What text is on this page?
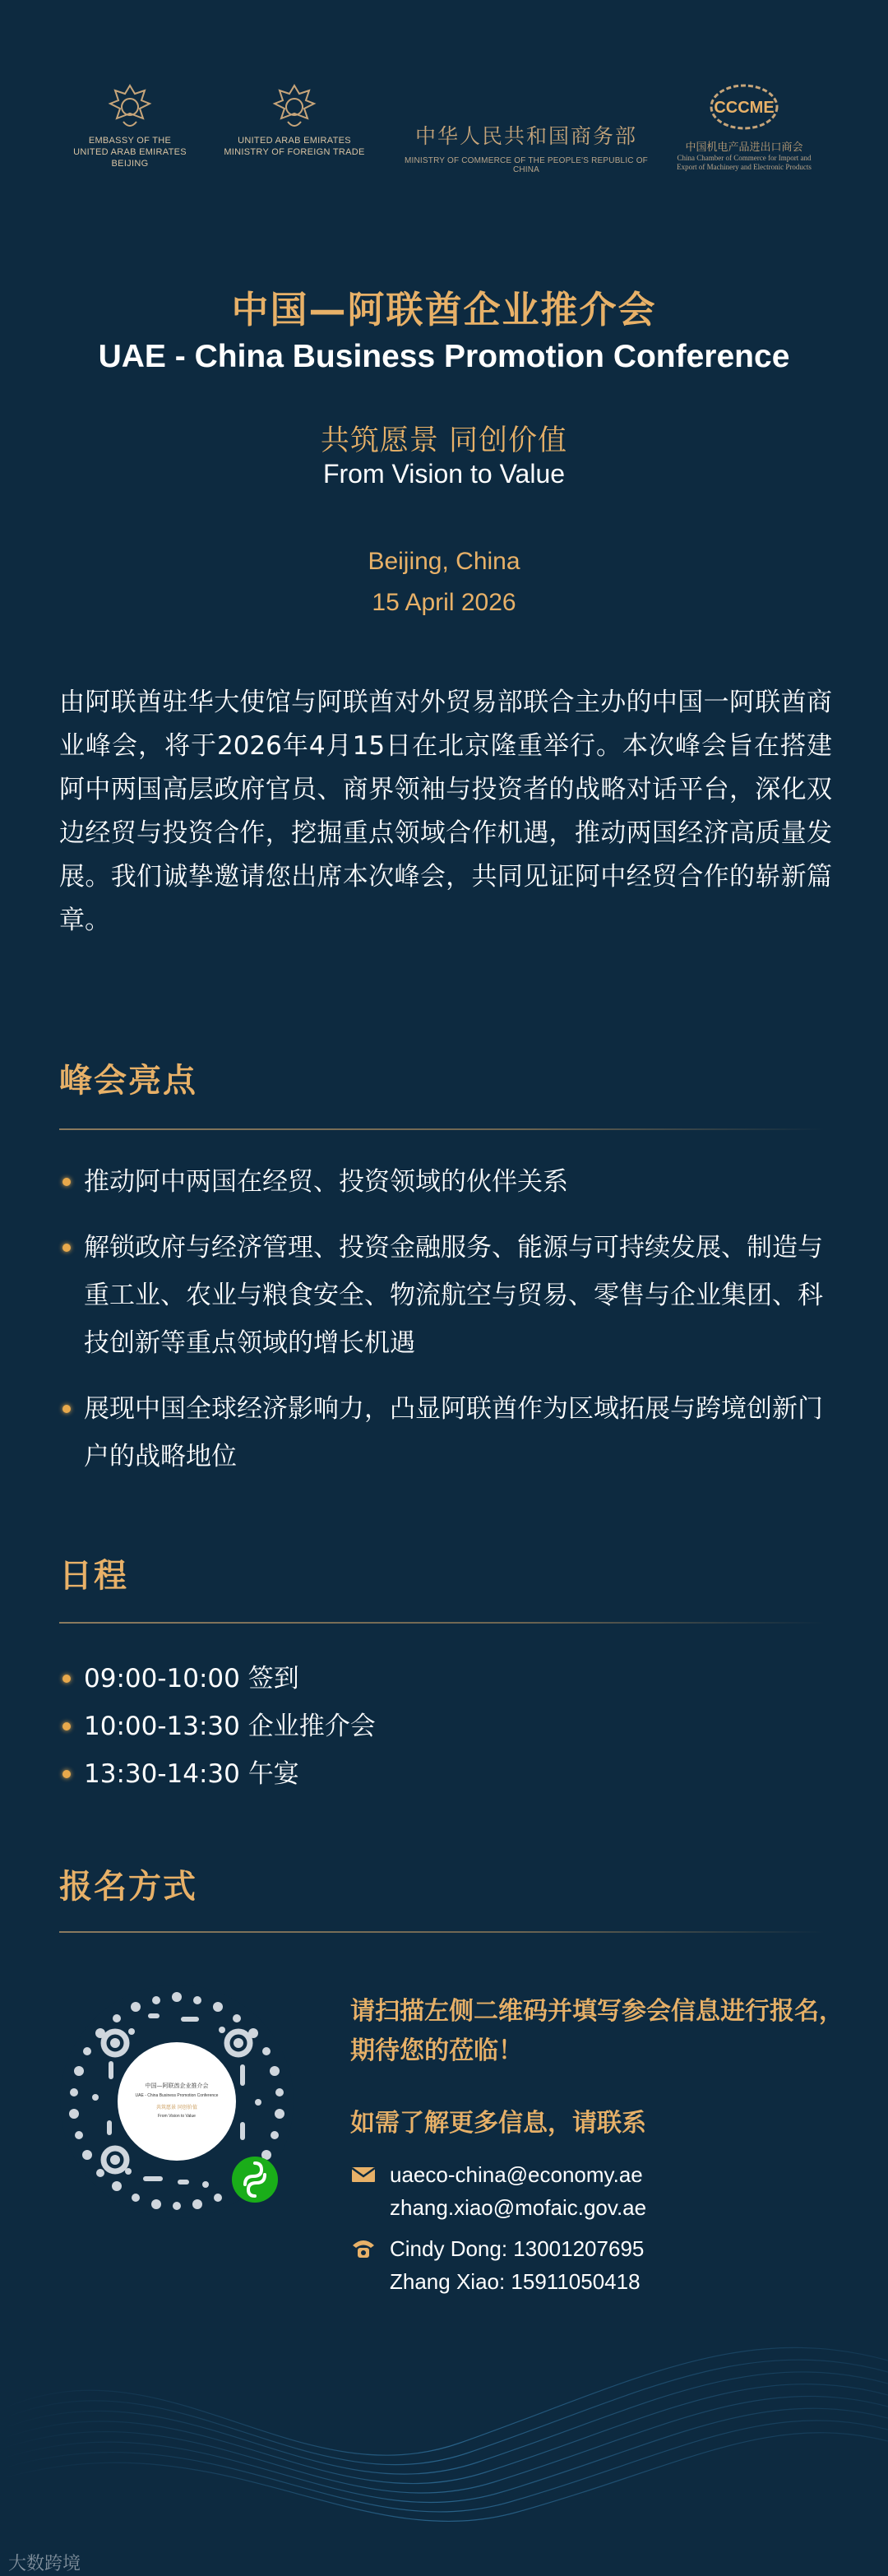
EMBASSY OF THE
UNITED ARAB EMIRATES
BEIJING
UNITED ARAB EMIRATES
MINISTRY OF FOREIGN TRADE
中华人民共和国商务部
MINISTRY OF COMMERCE OF THE PEOPLE'S REPUBLIC OF CHINA
CCCME
中国机电产品进出口商会
China Chamber of Commerce for Import and
Export of Machinery and Electronic Products
中国—阿联酋企业推介会
UAE - China Business Promotion Conference
共筑愿景 同创价值
From Vision to Value
Beijing, China
15 April 2026
由阿联酋驻华大使馆与阿联酋对外贸易部联合主办的中国一阿联酋商业峰会，将于2026年4月15日在北京隆重举行。本次峰会旨在搭建阿中两国高层政府官员、商界领袖与投资者的战略对话平台，深化双边经贸与投资合作，挖掘重点领域合作机遇，推动两国经济高质量发展。我们诚挚邀请您出席本次峰会，共同见证阿中经贸合作的崭新篇章。
峰会亮点
推动阿中两国在经贸、投资领域的伙伴关系
解锁政府与经济管理、投资金融服务、能源与可持续发展、制造与重工业、农业与粮食安全、物流航空与贸易、零售与企业集团、科技创新等重点领域的增长机遇
展现中国全球经济影响力，凸显阿联酋作为区域拓展与跨境创新门户的战略地位
日程
09:00-10:00 签到
10:00-13:30 企业推介会
13:30-14:30 午宴
报名方式
中国—阿联酋企业推介会
UAE - China Business Promotion Conference
共筑愿景 同创价值
From Vision to Value
请扫描左侧二维码并填写参会信息进行报名，期待您的莅临！
如需了解更多信息，请联系
uaeco-china@economy.ae
zhang.xiao@mofaic.gov.ae
Cindy Dong: 13001207695
Zhang Xiao: 15911050418
大数跨境
